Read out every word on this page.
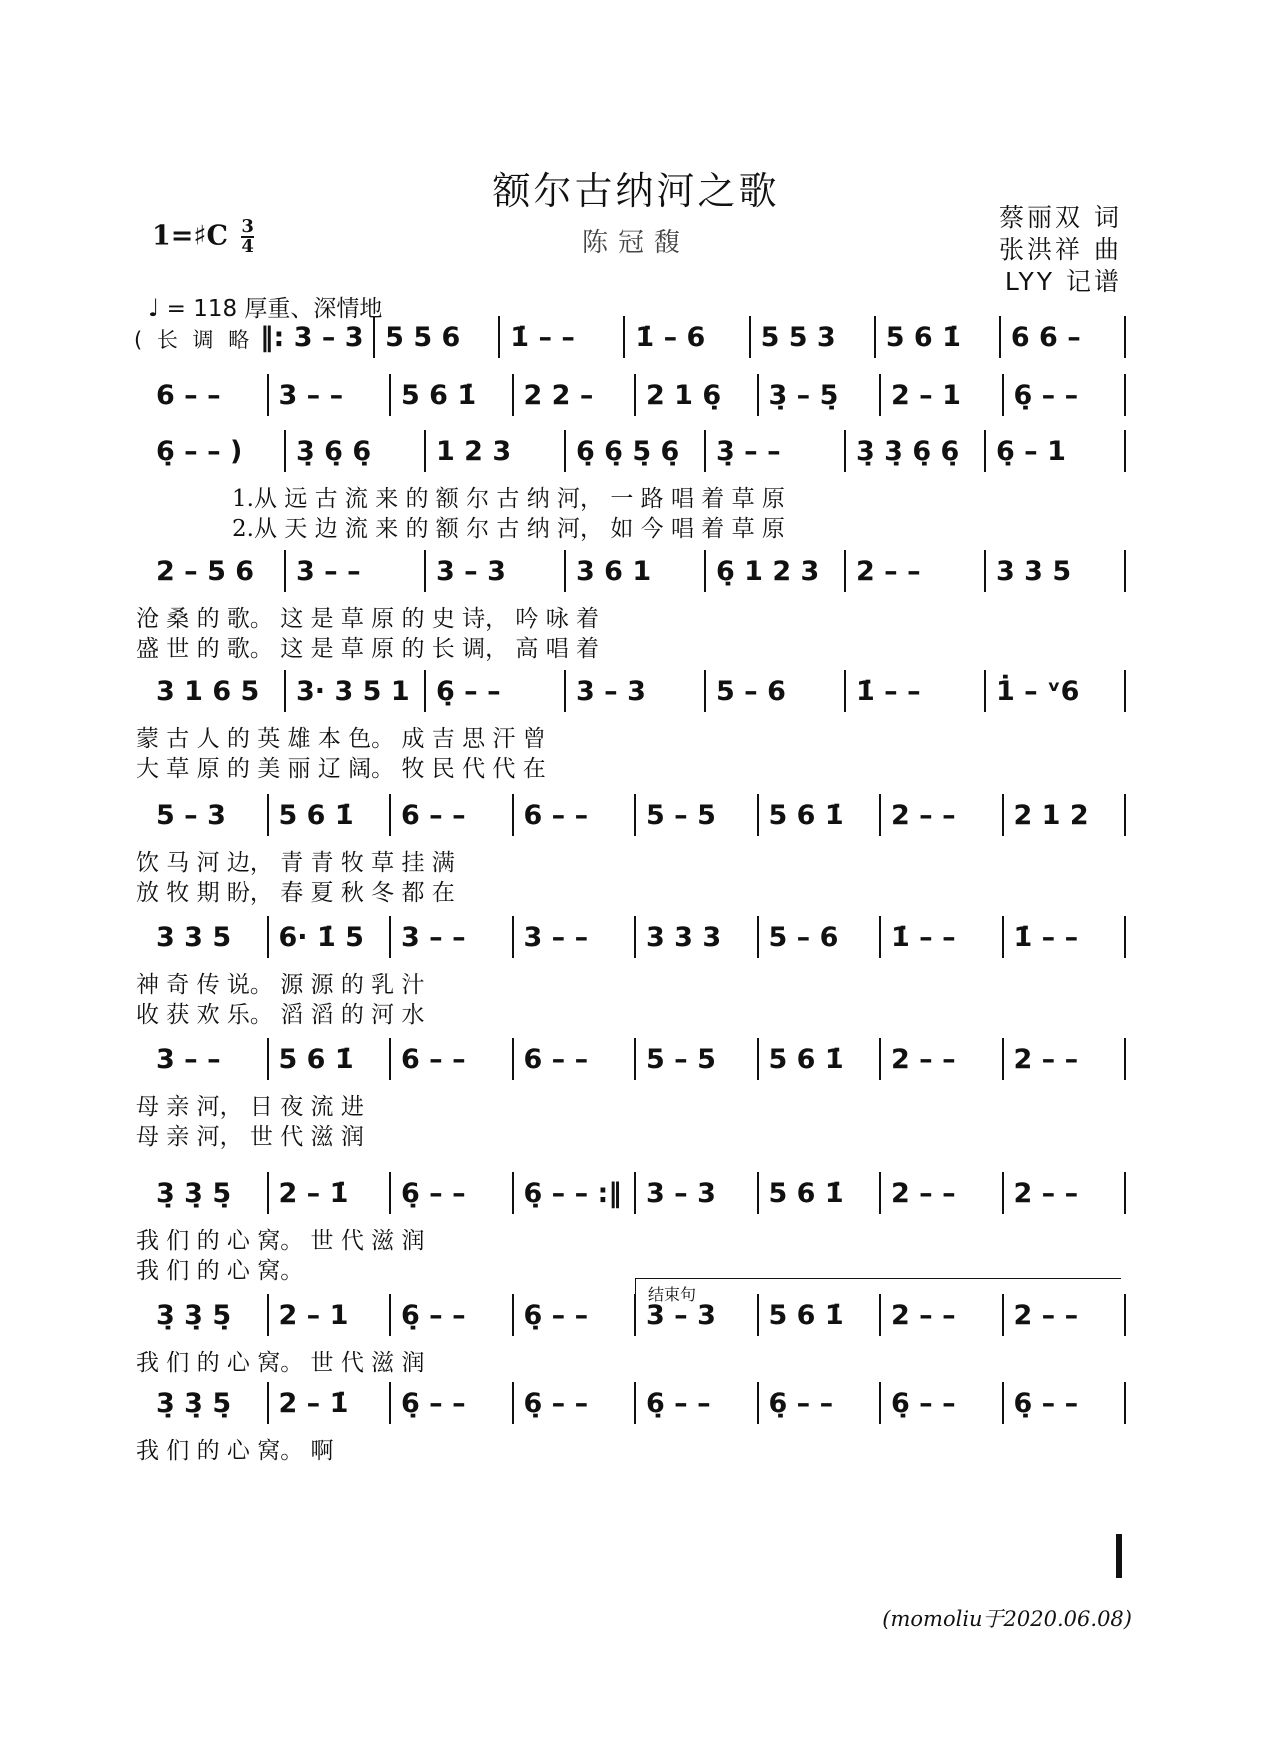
额尔古纳河之歌
陈冠馥
蔡丽双 词
张洪祥 曲
LYY 记谱
1=♯C $\frac{3}{4}$
♩ = 118 厚重、深情地
( 长 调 略 ‖: 3 – 3 5 5 6 1̇ – – 1̇ – 6 5 5 3 5 6 1̇ 6 6 –
6 – – 3 – – 5 6 1̇ 2 2 – 2 1 6̣ 3̣ – 5̣ 2 – 1 6̣ – –
6̣ – – ) 3̣ 6̣ 6̣ 1 2 3 6̣ 6̣ 5̣ 6̣ 3̣ – –	3̣ 3̣ 6̣ 6̣ 6̣ – 1
1.从 远 古 流 来 的 额 尔 古 纳 河， 一 路 唱 着 草 原
2.从 天 边 流 来 的 额 尔 古 纳 河， 如 今 唱 着 草 原
2 – 5 6 3 – –	3 – 3	3 6 1 6̣ 1 2 3 2 – –	3 3 5
沧 桑 的 歌。 这 是 草 原 的 史 诗， 吟 咏 着
盛 世 的 歌。 这 是 草 原 的 长 调， 高 唱 着
3 1 6 5 3· 3 5 1 6̣ – –	3 – 3	5 – 6	1̇ – –	1̇ – ᵛ6
蒙 古 人 的 英 雄 本 色。 成 吉 思 汗 曾
大 草 原 的 美 丽 辽 阔。 牧 民 代 代 在
5 – 3 5 6 1̇ 6 – – 6 – – 5 – 5 5 6 1̇ 2 – – 2 1 2
饮 马 河 边， 青 青 牧 草 挂 满
放 牧 期 盼， 春 夏 秋 冬 都 在
3 3 5 6· 1̇ 5 3 – – 3 – – 3 3 3 5 – 6 1̇ – – 1̇ – –
神 奇 传 说。 源 源 的 乳 汁
收 获 欢 乐。 滔 滔 的 河 水
3 – – 5 6 1̇ 6 – – 6 – – 5 – 5 5 6 1̇ 2 – – 2 – –
母 亲 河， 日 夜 流 进
母 亲 河， 世 代 滋 润
3̣ 3̣ 5̣ 2 – 1̇ 6̣ – – 6̣ – – :‖ 3 – 3 5 6 1̇ 2 – – 2 – –
我 们 的 心 窝。 世 代 滋 润
我 们 的 心 窝。
3̣ 3̣ 5̣ 2 – 1 6̣ – – 6̣ – – 3 – 3 5 6 1̇ 2 – – 2 – –
我 们 的 心 窝。 世 代 滋 润
3̣ 3̣ 5̣ 2 – 1̇ 6̣ – – 6̣ – – 6̣ – – 6̣ – – 6̣ – – 6̣ – –
我 们 的 心 窝。 啊
结束句
(momoliu于2020.06.08)
